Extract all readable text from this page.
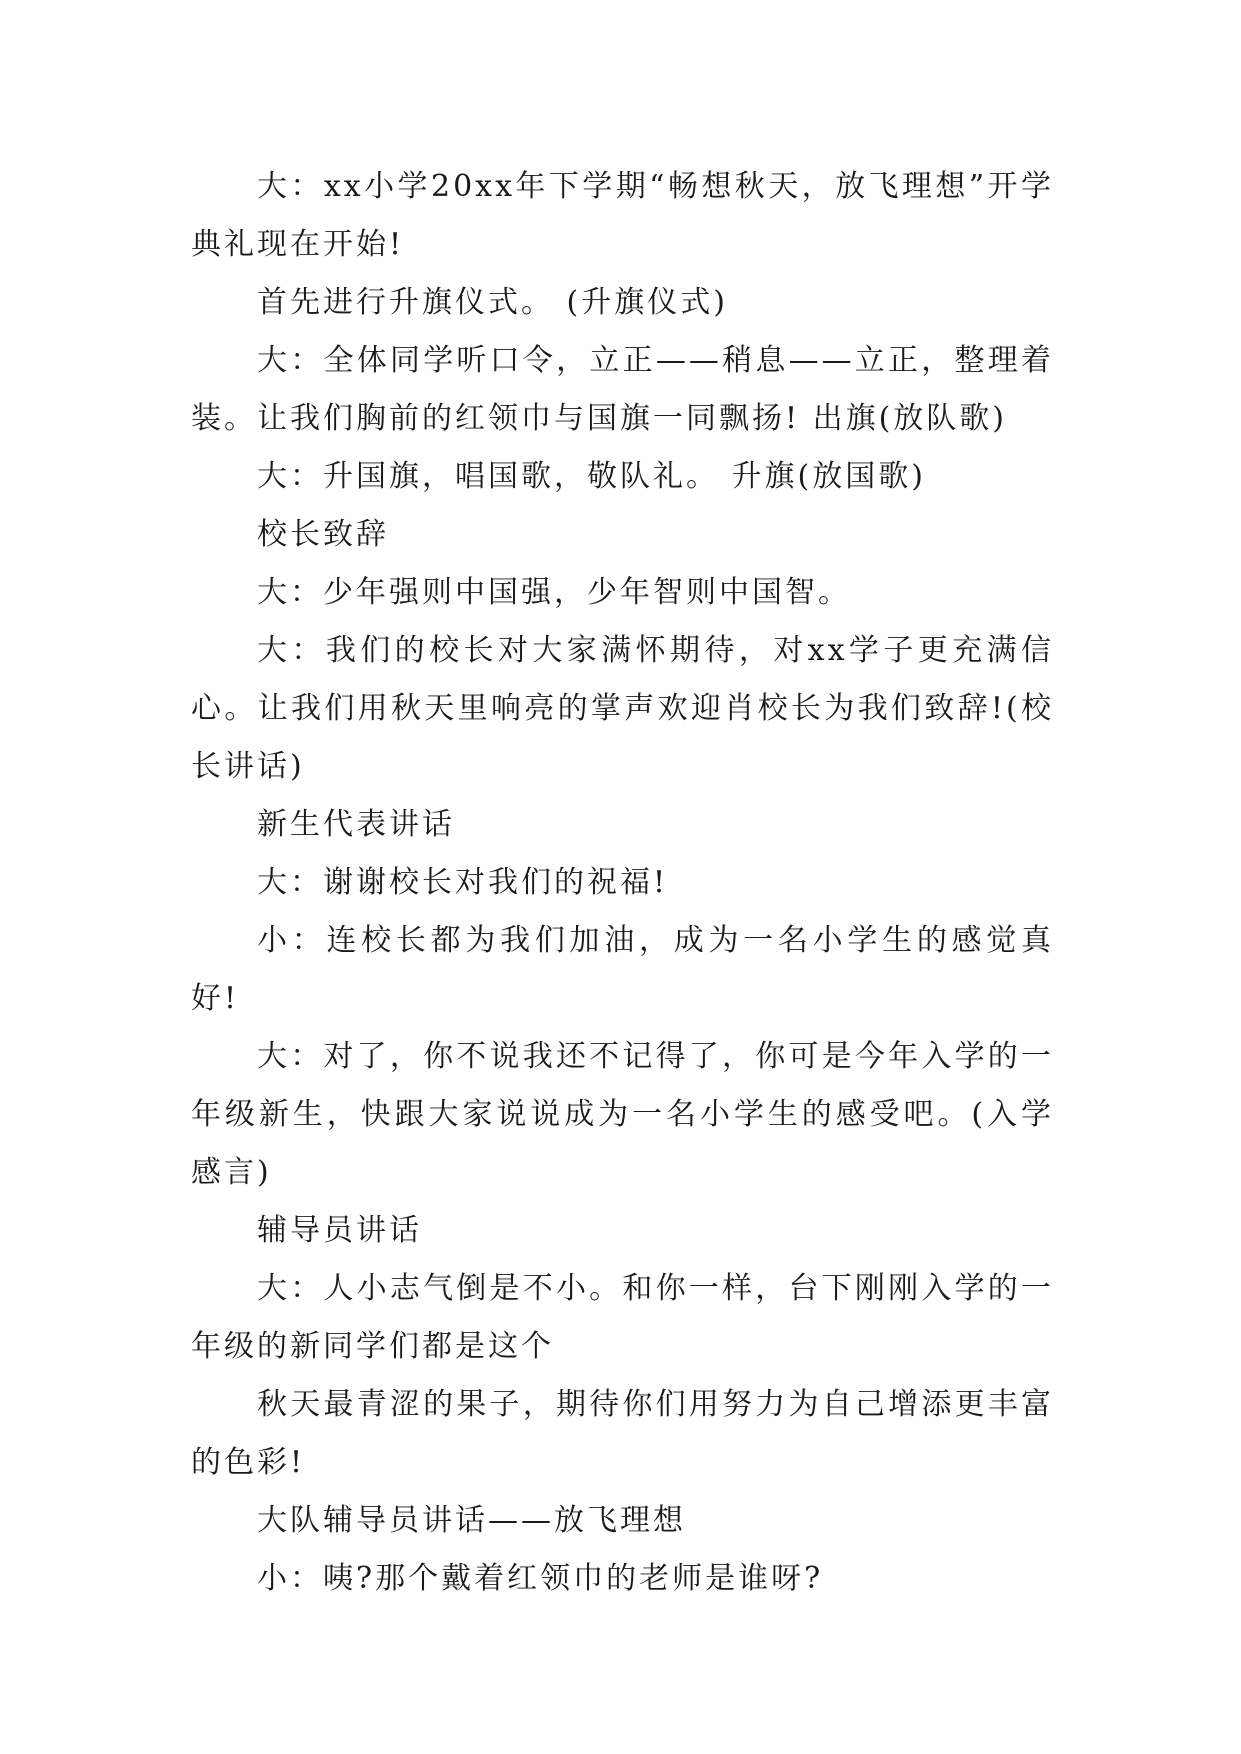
大：xx小学20xx年下学期“畅想秋天，放飞理想”开学典礼现在开始!

首先进行升旗仪式。 (升旗仪式)

大：全体同学听口令，立正——稍息——立正，整理着装。让我们胸前的红领巾与国旗一同飘扬! 出旗(放队歌)

大：升国旗，唱国歌，敬队礼。 升旗(放国歌)

校长致辞

大：少年强则中国强，少年智则中国智。

大：我们的校长对大家满怀期待，对xx学子更充满信心。让我们用秋天里响亮的掌声欢迎肖校长为我们致辞!(校长讲话)

新生代表讲话

大：谢谢校长对我们的祝福!

小：连校长都为我们加油，成为一名小学生的感觉真好!

大：对了，你不说我还不记得了，你可是今年入学的一年级新生，快跟大家说说成为一名小学生的感受吧。(入学感言)

辅导员讲话

大：人小志气倒是不小。和你一样，台下刚刚入学的一年级的新同学们都是这个

秋天最青涩的果子，期待你们用努力为自己增添更丰富的色彩!

大队辅导员讲话——放飞理想

小：咦?那个戴着红领巾的老师是谁呀?
